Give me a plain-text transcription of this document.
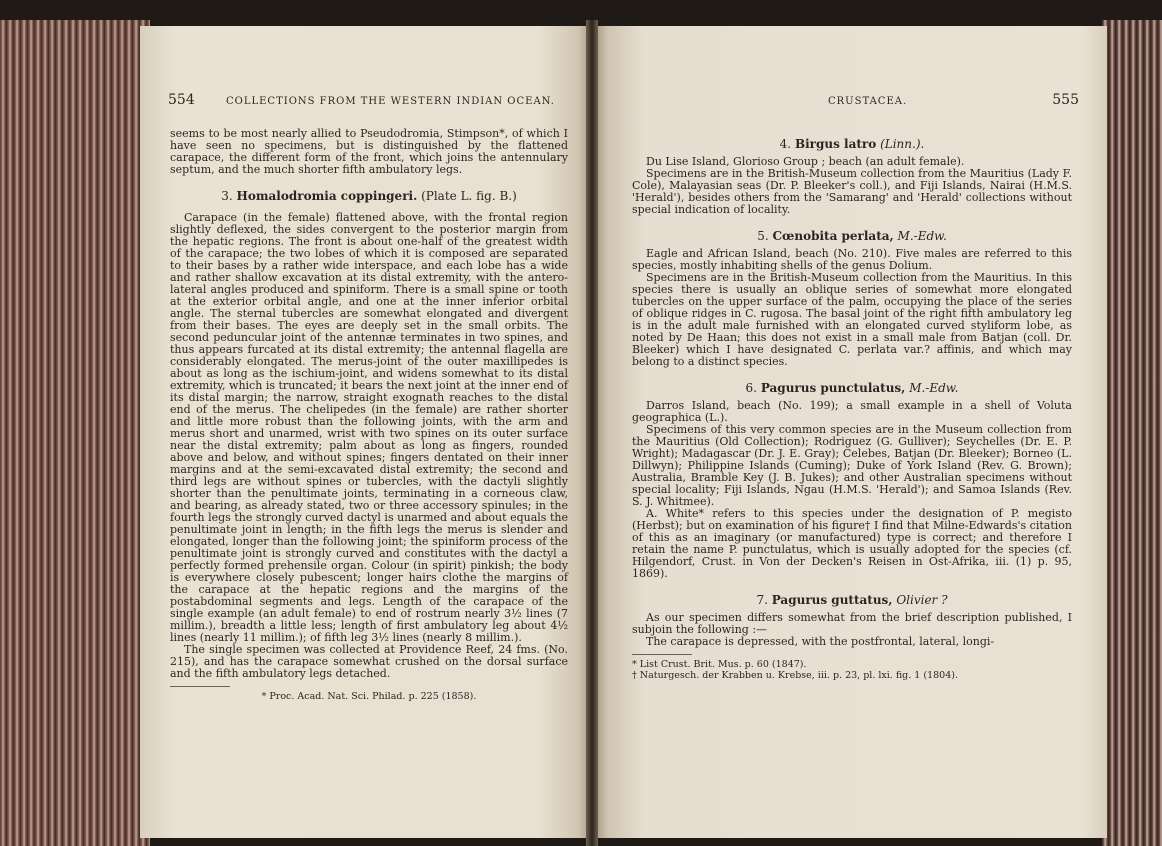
554	COLLECTIONS FROM THE WESTERN INDIAN OCEAN.

seems to be most nearly allied to Pseudodromia, Stimpson*, of which I have seen no specimens, but is distinguished by the flattened carapace, the different form of the front, which joins the antennulary septum, and the much shorter fifth ambulatory legs.

3. Homalodromia coppingeri. (Plate L. fig. B.)

Carapace (in the female) flattened above, with the frontal region slightly deflexed, the sides convergent to the posterior margin from the hepatic regions. The front is about one-half of the greatest width of the carapace; the two lobes of which it is composed are separated to their bases by a rather wide interspace, and each lobe has a wide and rather shallow excavation at its distal extremity, with the antero-lateral angles produced and spiniform. There is a small spine or tooth at the exterior orbital angle, and one at the inner inferior orbital angle. The sternal tubercles are somewhat elongated and divergent from their bases. The eyes are deeply set in the small orbits. The second peduncular joint of the antennæ terminates in two spines, and thus appears furcated at its distal extremity; the antennal flagella are considerably elongated. The merus-joint of the outer maxillipedes is about as long as the ischium-joint, and widens somewhat to its distal extremity, which is truncated; it bears the next joint at the inner end of its distal margin; the narrow, straight exognath reaches to the distal end of the merus. The chelipedes (in the female) are rather shorter and little more robust than the following joints, with the arm and merus short and unarmed, wrist with two spines on its outer surface near the distal extremity; palm about as long as fingers, rounded above and below, and without spines; fingers dentated on their inner margins and at the semi-excavated distal extremity; the second and third legs are without spines or tubercles, with the dactyli slightly shorter than the penultimate joints, terminating in a corneous claw, and bearing, as already stated, two or three accessory spinules; in the fourth legs the strongly curved dactyl is unarmed and about equals the penultimate joint in length; in the fifth legs the merus is slender and elongated, longer than the following joint; the spiniform process of the penultimate joint is strongly curved and constitutes with the dactyl a perfectly formed prehensile organ. Colour (in spirit) pinkish; the body is everywhere closely pubescent; longer hairs clothe the margins of the carapace at the hepatic regions and the margins of the postabdominal segments and legs. Length of the carapace of the single example (an adult female) to end of rostrum nearly 3½ lines (7 millim.), breadth a little less; length of first ambulatory leg about 4½ lines (nearly 11 millim.); of fifth leg 3½ lines (nearly 8 millim.).

The single specimen was collected at Providence Reef, 24 fms. (No. 215), and has the carapace somewhat crushed on the dorsal surface and the fifth ambulatory legs detached.

* Proc. Acad. Nat. Sci. Philad. p. 225 (1858).

CRUSTACEA.	555
4. Birgus latro (Linn.).

Du Lise Island, Glorioso Group ; beach (an adult female).

Specimens are in the British-Museum collection from the Mauritius (Lady F. Cole), Malayasian seas (Dr. P. Bleeker's coll.), and Fiji Islands, Nairai (H.M.S. 'Herald'), besides others from the 'Samarang' and 'Herald' collections without special indication of locality.

5. Cœnobita perlata, M.-Edw.

Eagle and African Island, beach (No. 210). Five males are referred to this species, mostly inhabiting shells of the genus Dolium.

Specimens are in the British-Museum collection from the Mauritius. In this species there is usually an oblique series of somewhat more elongated tubercles on the upper surface of the palm, occupying the place of the series of oblique ridges in C. rugosa. The basal joint of the right fifth ambulatory leg is in the adult male furnished with an elongated curved styliform lobe, as noted by De Haan; this does not exist in a small male from Batjan (coll. Dr. Bleeker) which I have designated C. perlata var.? affinis, and which may belong to a distinct species.

6. Pagurus punctulatus, M.-Edw.

Darros Island, beach (No. 199); a small example in a shell of Voluta geographica (L.).

Specimens of this very common species are in the Museum collection from the Mauritius (Old Collection); Rodriguez (G. Gulliver); Seychelles (Dr. E. P. Wright); Madagascar (Dr. J. E. Gray); Celebes, Batjan (Dr. Bleeker); Borneo (L. Dillwyn); Philippine Islands (Cuming); Duke of York Island (Rev. G. Brown); Australia, Bramble Key (J. B. Jukes); and other Australian specimens without special locality; Fiji Islands, Ngau (H.M.S. 'Herald'); and Samoa Islands (Rev. S. J. Whitmee).

A. White* refers to this species under the designation of P. megisto (Herbst); but on examination of his figure† I find that Milne-Edwards's citation of this as an imaginary (or manufactured) type is correct; and therefore I retain the name P. punctulatus, which is usually adopted for the species (cf. Hilgendorf, Crust. in Von der Decken's Reisen in Ost-Afrika, iii. (1) p. 95, 1869).

7. Pagurus guttatus, Olivier ?

As our specimen differs somewhat from the brief description published, I subjoin the following :—

The carapace is depressed, with the postfrontal, lateral, longi-

* List Crust. Brit. Mus. p. 60 (1847).

† Naturgesch. der Krabben u. Krebse, iii. p. 23, pl. lxi. fig. 1 (1804).
